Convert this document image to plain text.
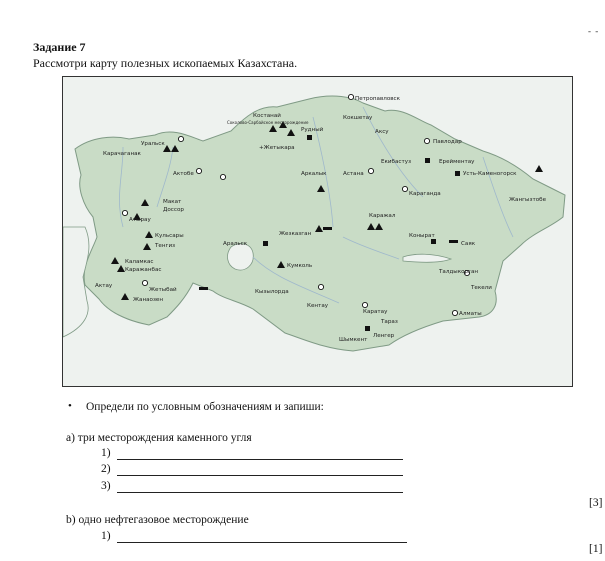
- -
Задание 7
Рассмотри карту полезных ископаемых Казахстана.
Петропавловск
Костанай
Соколово-Сарбайское месторождение
Рудный
Кокшетау
Аксу
Павлодар
Уральск
Карачаганак
+Жетыкара
Актобе
Екибастуз	Ерейментау
Усть-Каменогорск
Аркалык	Астана
Караганда
Жангызтобе
Макат
Доссор
Атырау
Жезказган
Каражал
Кульсары
Тенгиз	Аральск
Коныpат
Саяк
Каламкас
Каражанбас
Кумколь
Талдыкорган
Текели
Актау
Жетыбай
Жанаозен
Кызылорда
Кентау
Каратау
Тараз
Алматы
Шымкент
Ленгер
• Определи по условным обозначениям и запиши:
а) три месторождения каменного угля
1)
2)
3)
[3]
b) одно нефтегазовое месторождение
1)
[1]
